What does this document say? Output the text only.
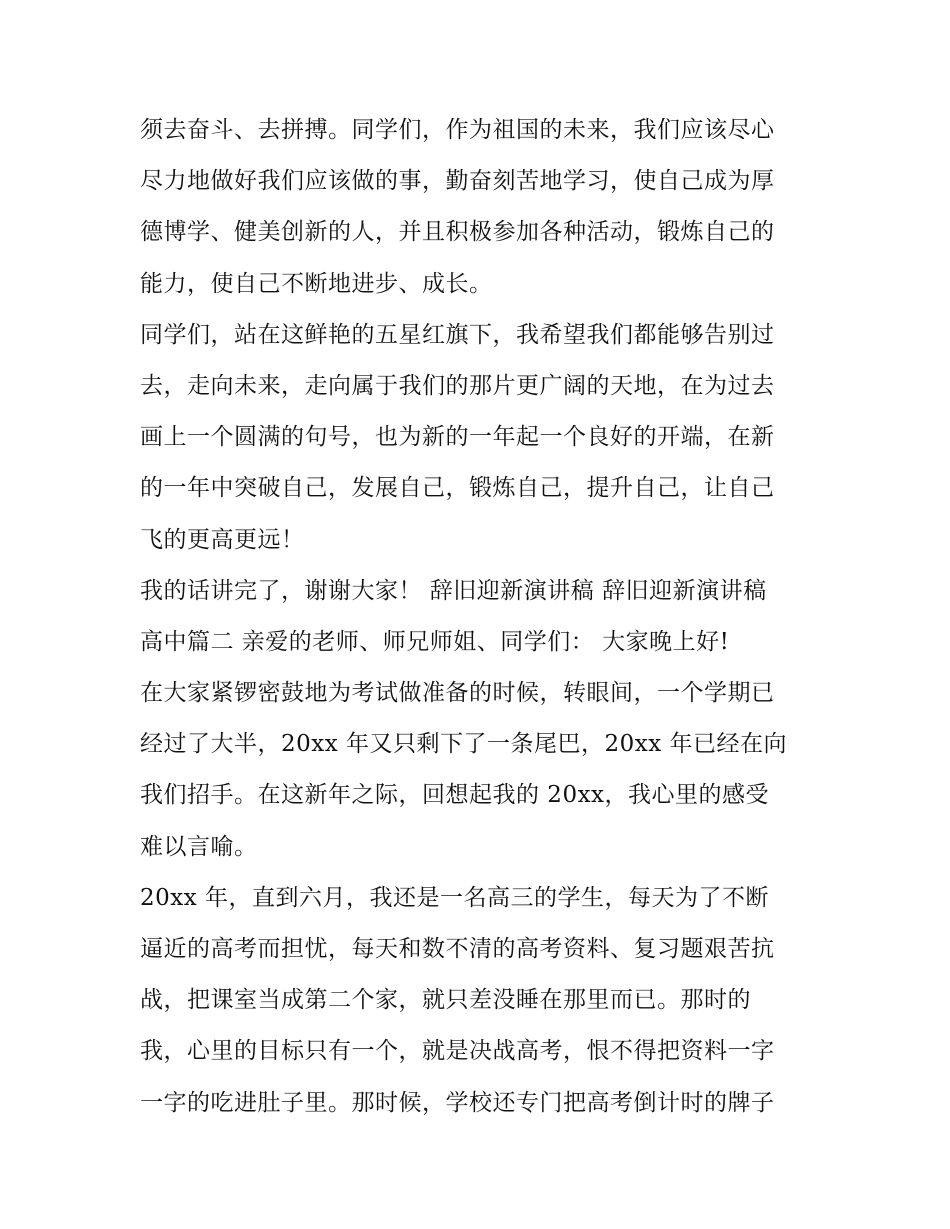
须去奋斗、去拼搏。同学们，作为祖国的未来，我们应该尽心
尽力地做好我们应该做的事，勤奋刻苦地学习，使自己成为厚
德博学、健美创新的人，并且积极参加各种活动，锻炼自己的
能力，使自己不断地进步、成长。
同学们，站在这鲜艳的五星红旗下，我希望我们都能够告别过
去，走向未来，走向属于我们的那片更广阔的天地，在为过去
画上一个圆满的句号，也为新的一年起一个良好的开端，在新
的一年中突破自己，发展自己，锻炼自己，提升自己，让自己
飞的更高更远！
我的话讲完了，谢谢大家！ 辞旧迎新演讲稿 辞旧迎新演讲稿
高中篇二 亲爱的老师、师兄师姐、同学们： 大家晚上好!
在大家紧锣密鼓地为考试做准备的时候，转眼间，一个学期已
经过了大半，20xx 年又只剩下了一条尾巴，20xx 年已经在向
我们招手。在这新年之际，回想起我的 20xx，我心里的感受
难以言喻。
20xx 年，直到六月，我还是一名高三的学生，每天为了不断
逼近的高考而担忧，每天和数不清的高考资料、复习题艰苦抗
战，把课室当成第二个家，就只差没睡在那里而已。那时的
我，心里的目标只有一个，就是决战高考，恨不得把资料一字
一字的吃进肚子里。那时候，学校还专门把高考倒计时的牌子
